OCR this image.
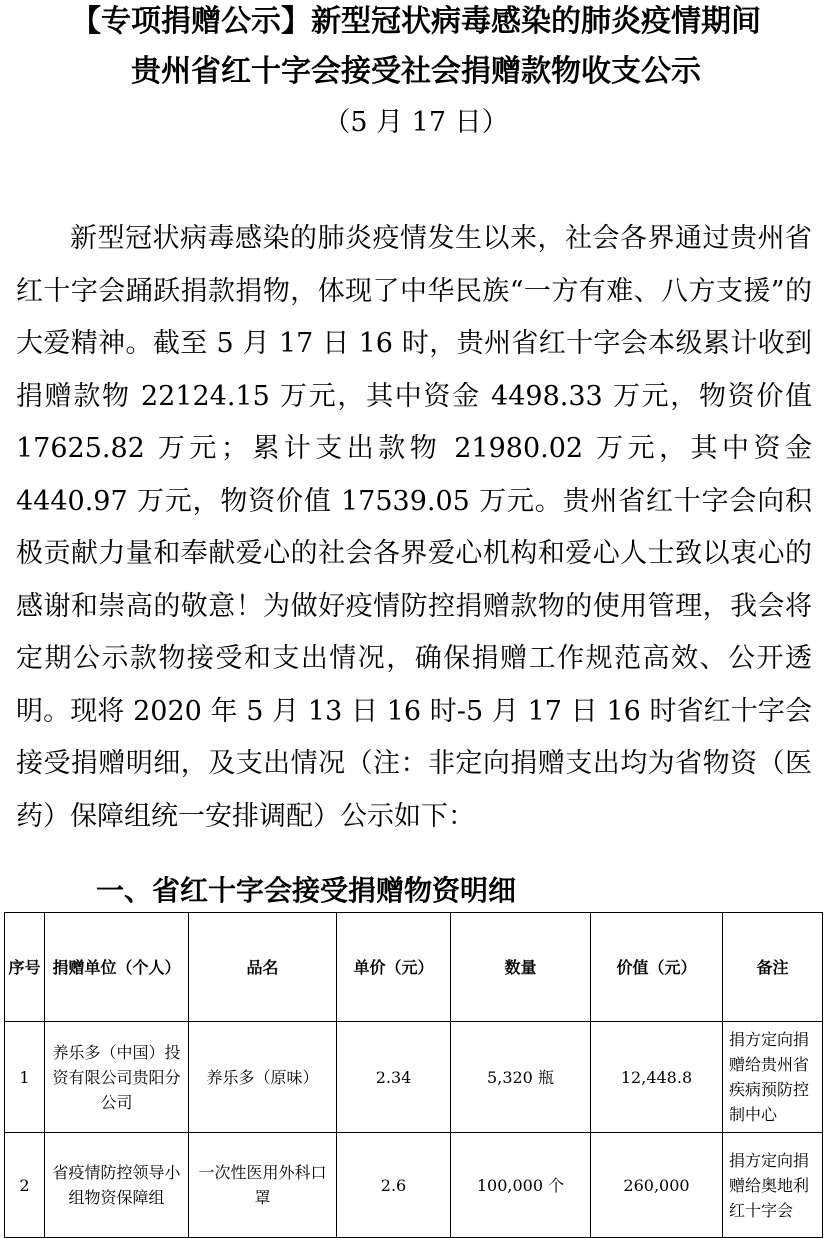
【专项捐赠公示】新型冠状病毒感染的肺炎疫情期间
贵州省红十字会接受社会捐赠款物收支公示
（5 月 17 日）

新型冠状病毒感染的肺炎疫情发生以来，社会各界通过贵州省红十字会踊跃捐款捐物，体现了中华民族“一方有难、八方支援”的大爱精神。截至 5 月 17 日 16 时，贵州省红十字会本级累计收到捐赠款物 22124.15 万元，其中资金 4498.33 万元，物资价值 17625.82 万元；累计支出款物 21980.02 万元，其中资金 4440.97 万元，物资价值 17539.05 万元。贵州省红十字会向积极贡献力量和奉献爱心的社会各界爱心机构和爱心人士致以衷心的感谢和崇高的敬意！为做好疫情防控捐赠款物的使用管理，我会将定期公示款物接受和支出情况，确保捐赠工作规范高效、公开透明。现将 2020 年 5 月 13 日 16 时-5 月 17 日 16 时省红十字会接受捐赠明细，及支出情况（注：非定向捐赠支出均为省物资（医药）保障组统一安排调配）公示如下：

一、省红十字会接受捐赠物资明细
序号	捐赠单位（个人）	品名	单价（元）	数量	价值（元）	备注
1	养乐多（中国）投资有限公司贵阳分公司	养乐多（原味）	2.34	5,320 瓶	12,448.8	捐方定向捐赠给贵州省疾病预防控制中心
2	省疫情防控领导小组物资保障组	一次性医用外科口罩	2.6	100,000 个	260,000	捐方定向捐赠给奥地利红十字会
